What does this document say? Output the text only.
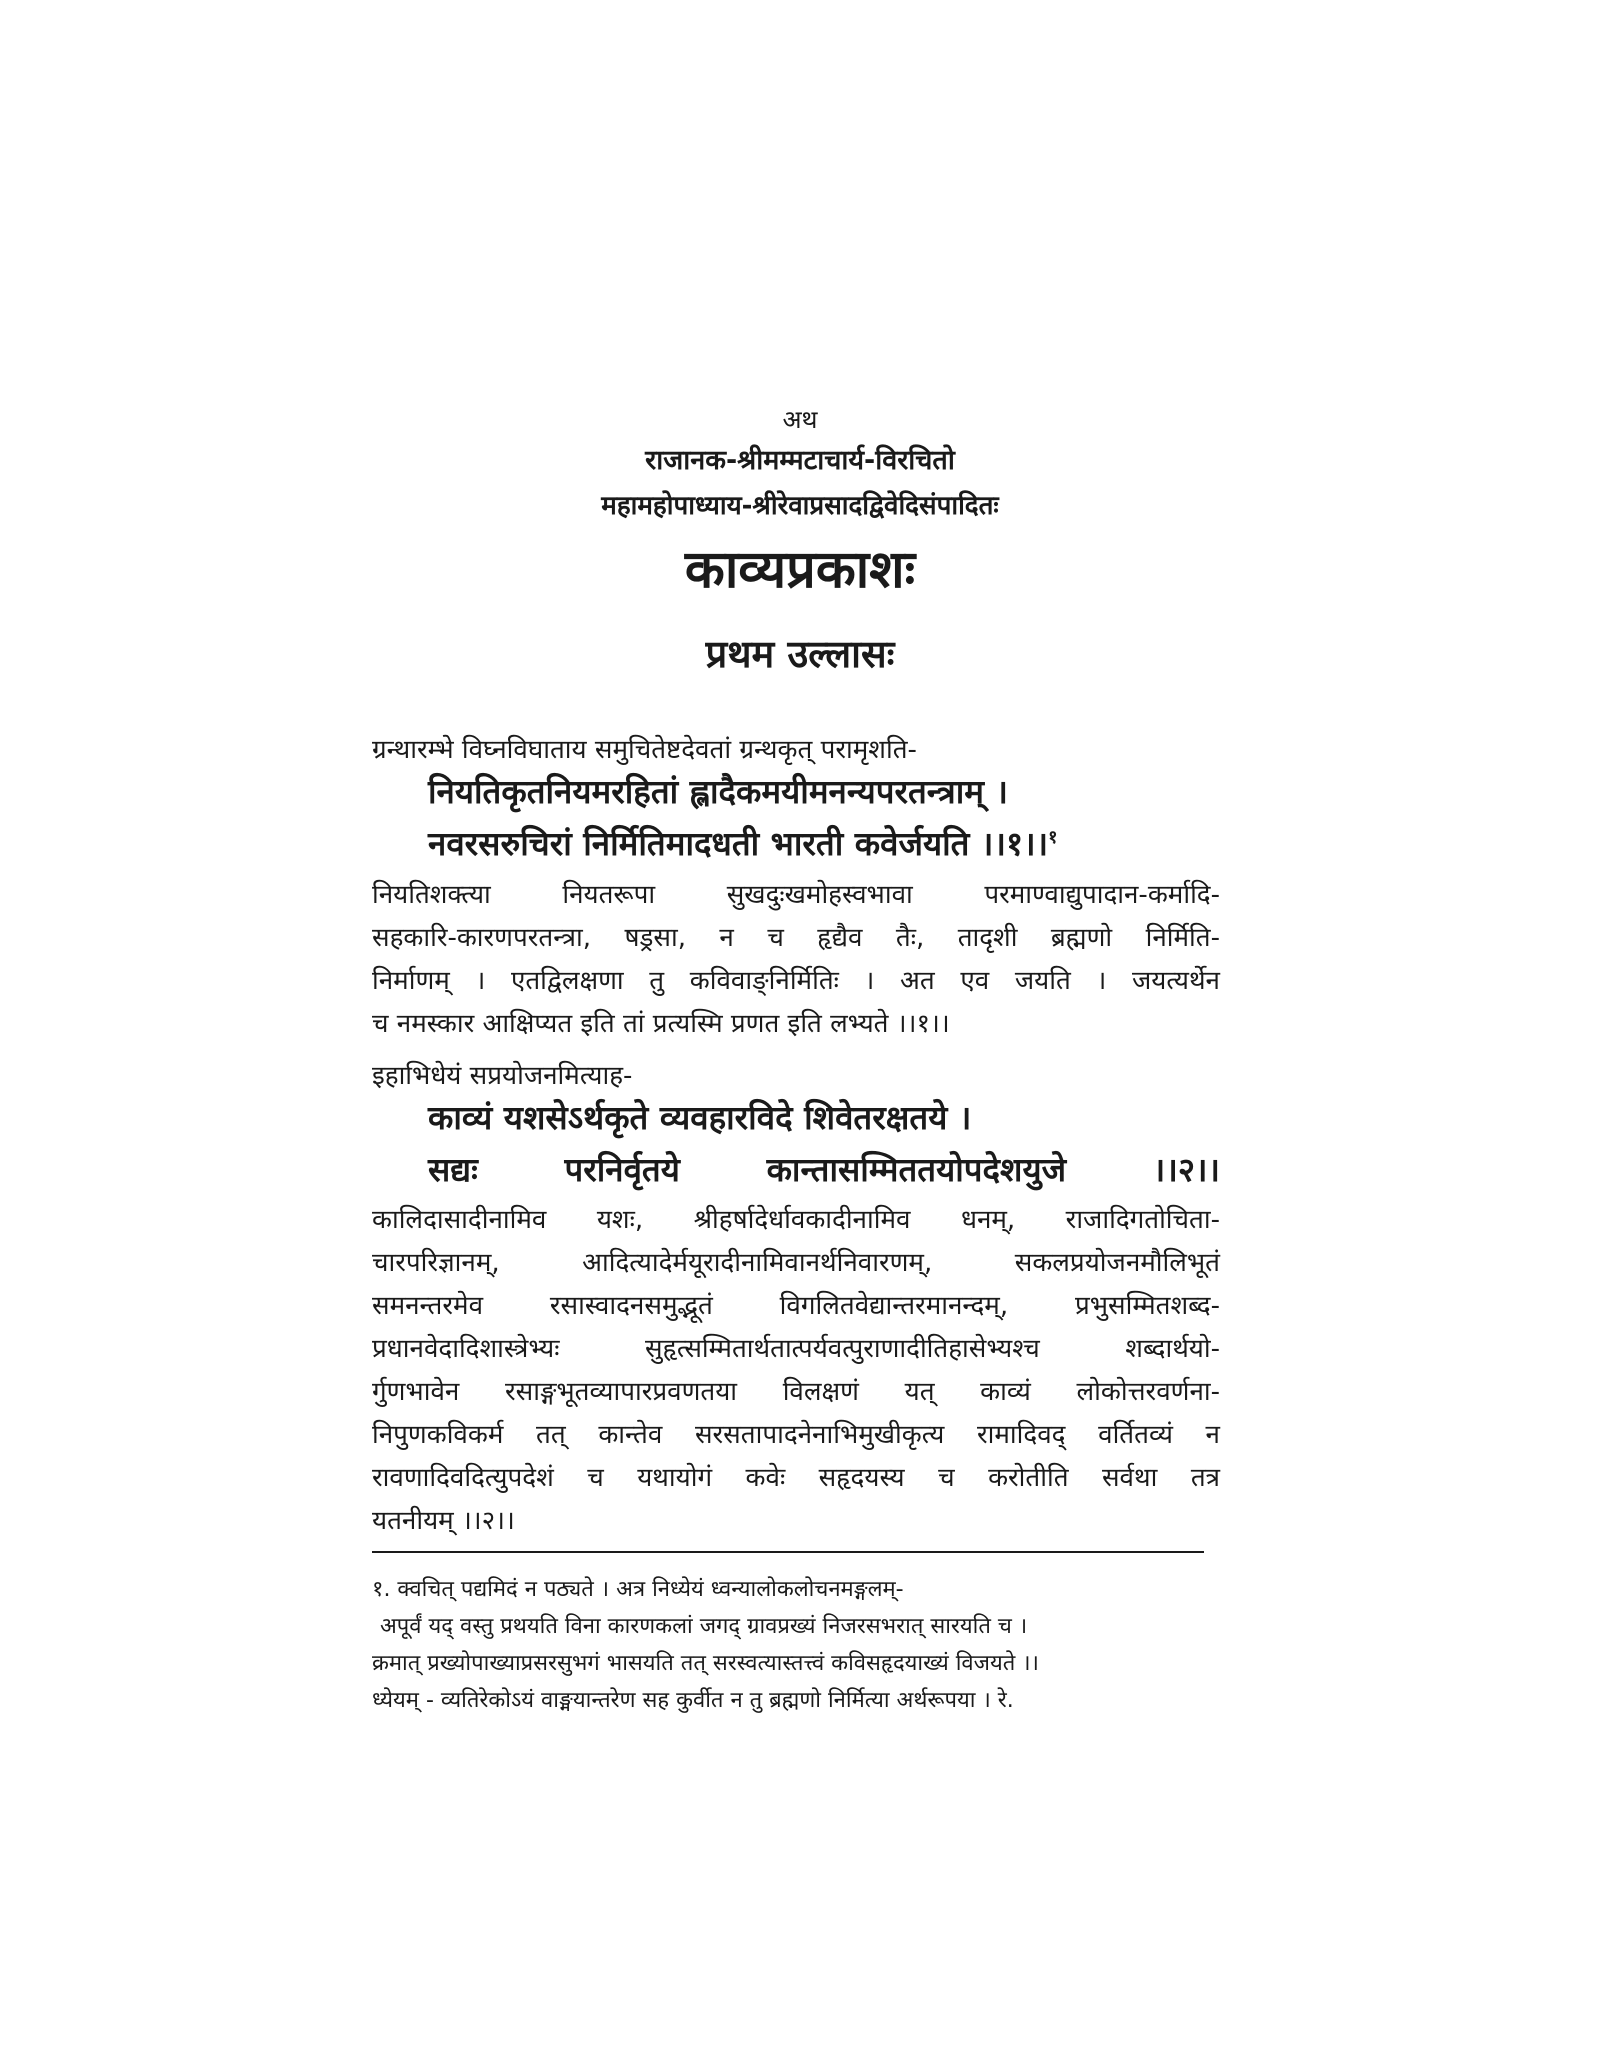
अथ
राजानक-श्रीमम्मटाचार्य-विरचितो
महामहोपाध्याय-श्रीरेवाप्रसादद्विवेदिसंपादितः
काव्यप्रकाशः
प्रथम उल्लासः
ग्रन्थारम्भे विघ्नविघाताय समुचितेष्टदेवतां ग्रन्थकृत् परामृशति-
नियतिकृतनियमरहितां ह्लादैकमयीमनन्यपरतन्त्राम् ।
नवरसरुचिरां निर्मितिमादधती भारती कवेर्जयति ।।१।।$^१$
नियतिशक्त्या नियतरूपा सुखदुःखमोहस्वभावा परमाण्वाद्युपादान-कर्मादि-
सहकारि-कारणपरतन्त्रा, षड्रसा, न च हृद्यैव तैः, तादृशी ब्रह्मणो निर्मिति-
निर्माणम् । एतद्विलक्षणा तु कविवाङ्निर्मितिः । अत एव जयति । जयत्यर्थेन
च नमस्कार आक्षिप्यत इति तां प्रत्यस्मि प्रणत इति लभ्यते ।।१।।
इहाभिधेयं सप्रयोजनमित्याह-
काव्यं यशसेऽर्थकृते व्यवहारविदे शिवेतरक्षतये ।
सद्यः परनिर्वृतये कान्तासम्मिततयोपदेशयुजे ।।२।।
कालिदासादीनामिव यशः, श्रीहर्षादेर्धावकादीनामिव धनम्, राजादिगतोचिता-
चारपरिज्ञानम्, आदित्यादेर्मयूरादीनामिवानर्थनिवारणम्, सकलप्रयोजनमौलिभूतं
समनन्तरमेव रसास्वादनसमुद्भूतं विगलितवेद्यान्तरमानन्दम्, प्रभुसम्मितशब्द-
प्रधानवेदादिशास्त्रेभ्यः सुहृत्सम्मितार्थतात्पर्यवत्पुराणादीतिहासेभ्यश्च शब्दार्थयो-
र्गुणभावेन रसाङ्गभूतव्यापारप्रवणतया विलक्षणं यत् काव्यं लोकोत्तरवर्णना-
निपुणकविकर्म तत् कान्तेव सरसतापादनेनाभिमुखीकृत्य रामादिवद् वर्तितव्यं न
रावणादिवदित्युपदेशं च यथायोगं कवेः सहृदयस्य च करोतीति सर्वथा तत्र
यतनीयम् ।।२।।
१. क्वचित् पद्यमिदं न पठ्यते । अत्र निध्येयं ध्वन्यालोकलोचनमङ्गलम्-
अपूर्वं यद् वस्तु प्रथयति विना कारणकलां जगद् ग्रावप्रख्यं निजरसभरात् सारयति च ।
क्रमात् प्रख्योपाख्याप्रसरसुभगं भासयति तत् सरस्वत्यास्तत्त्वं कविसहृदयाख्यं विजयते ।।
ध्येयम् - व्यतिरेकोऽयं वाङ्मयान्तरेण सह कुर्वीत न तु ब्रह्मणो निर्मित्या अर्थरूपया । रे.
